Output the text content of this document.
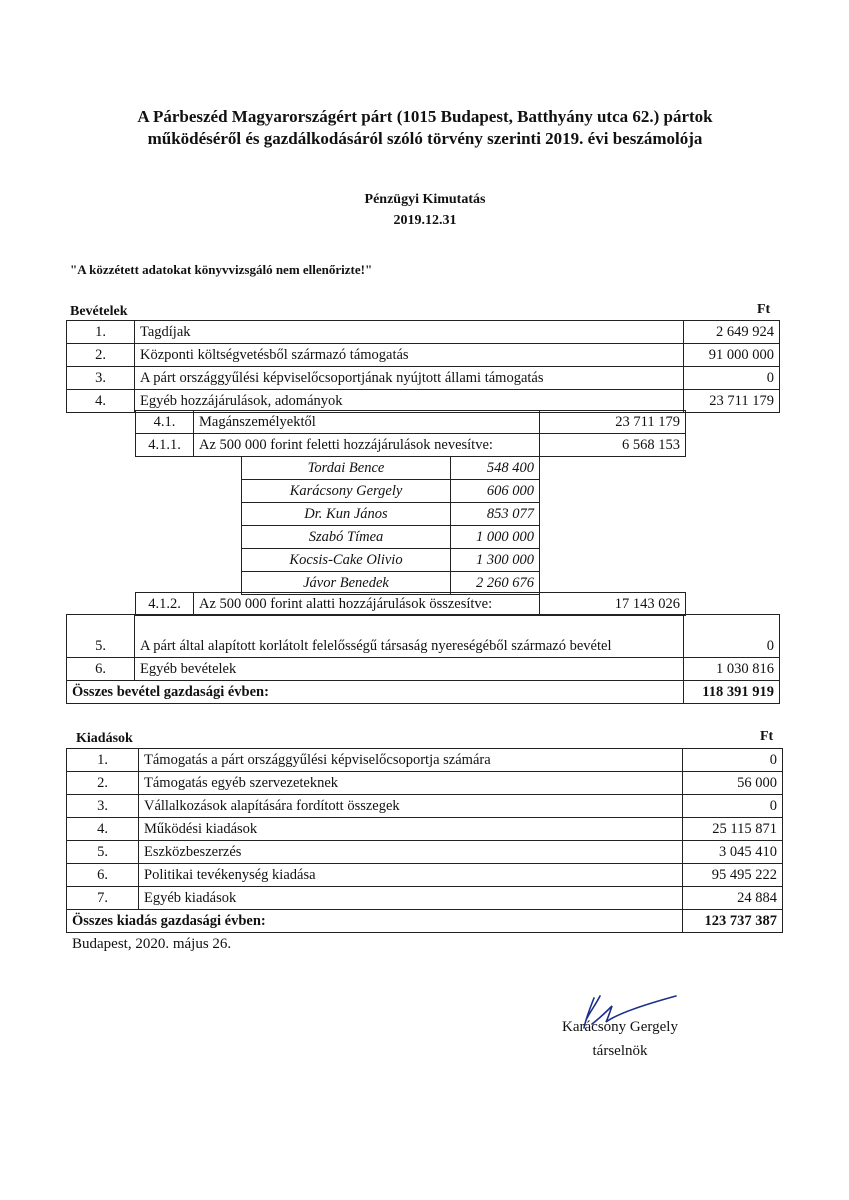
A Párbeszéd Magyarországért párt (1015 Budapest, Batthyány utca 62.) pártok
működéséről és gazdálkodásáról szóló törvény szerinti 2019. évi beszámolója
Pénzügyi Kimutatás
2019.12.31
"A közzétett adatokat könyvvizsgáló nem ellenőrizte!"
Bevételek	Ft
1.	Tagdíjak	2 649 924
2.	Központi költségvetésből származó támogatás	91 000 000
3.	A párt országgyűlési képviselőcsoportjának nyújtott állami támogatás	0
4.	Egyéb hozzájárulások, adományok	23 711 179
4.1.	Magánszemélyektől	23 711 179
4.1.1.	Az 500 000 forint feletti hozzájárulások nevesítve:	6 568 153
Tordai Bence	548 400
Karácsony Gergely	606 000
Dr. Kun János	853 077
Szabó Tímea	1 000 000
Kocsis-Cake Olivio	1 300 000
Jávor Benedek	2 260 676
4.1.2.	Az 500 000 forint alatti hozzájárulások összesítve:	17 143 026
5.	A párt által alapított korlátolt felelősségű társaság nyereségéből származó bevétel	0
6.	Egyéb bevételek	1 030 816
Összes bevétel gazdasági évben:		118 391 919
Kiadások	Ft
1.	Támogatás a párt országgyűlési képviselőcsoportja számára	0
2.	Támogatás egyéb szervezeteknek	56 000
3.	Vállalkozások alapítására fordított összegek	0
4.	Működési kiadások	25 115 871
5.	Eszközbeszerzés	3 045 410
6.	Politikai tevékenység kiadása	95 495 222
7.	Egyéb kiadások	24 884
Összes kiadás gazdasági évben:		123 737 387
Budapest, 2020. május 26.
Karácsony Gergely
társelnök
